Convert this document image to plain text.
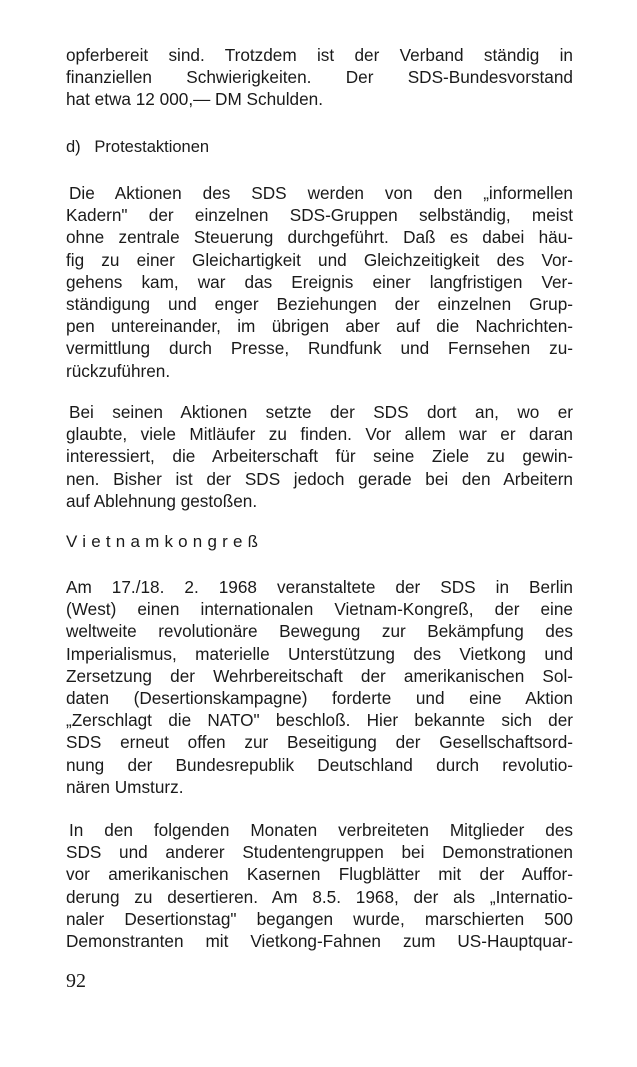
opferbereit sind. Trotzdem ist der Verband ständig in
finanziellen Schwierigkeiten. Der SDS-Bundesvorstand
hat etwa 12 000,— DM Schulden.
d)   Protestaktionen
Die Aktionen des SDS werden von den „informellen
Kadern" der einzelnen SDS-Gruppen selbständig, meist
ohne zentrale Steuerung durchgeführt. Daß es dabei häu-
fig zu einer Gleichartigkeit und Gleichzeitigkeit des Vor-
gehens kam, war das Ereignis einer langfristigen Ver-
ständigung und enger Beziehungen der einzelnen Grup-
pen untereinander, im übrigen aber auf die Nachrichten-
vermittlung durch Presse, Rundfunk und Fernsehen zu-
rückzuführen.
Bei seinen Aktionen setzte der SDS dort an, wo er
glaubte, viele Mitläufer zu finden. Vor allem war er daran
interessiert, die Arbeiterschaft für seine Ziele zu gewin-
nen. Bisher ist der SDS jedoch gerade bei den Arbeitern
auf Ablehnung gestoßen.
Vietnamkongreß
Am 17./18. 2. 1968 veranstaltete der SDS in Berlin
(West) einen internationalen Vietnam-Kongreß, der eine
weltweite revolutionäre Bewegung zur Bekämpfung des
Imperialismus, materielle Unterstützung des Vietkong und
Zersetzung der Wehrbereitschaft der amerikanischen Sol-
daten (Desertionskampagne) forderte und eine Aktion
„Zerschlagt die NATO" beschloß. Hier bekannte sich der
SDS erneut offen zur Beseitigung der Gesellschaftsord-
nung der Bundesrepublik Deutschland durch revolutio-
nären Umsturz.
In den folgenden Monaten verbreiteten Mitglieder des
SDS und anderer Studentengruppen bei Demonstrationen
vor amerikanischen Kasernen Flugblätter mit der Auffor-
derung zu desertieren. Am 8.5. 1968, der als „Internatio-
naler Desertionstag" begangen wurde, marschierten 500
Demonstranten mit Vietkong-Fahnen zum US-Hauptquar-
92
